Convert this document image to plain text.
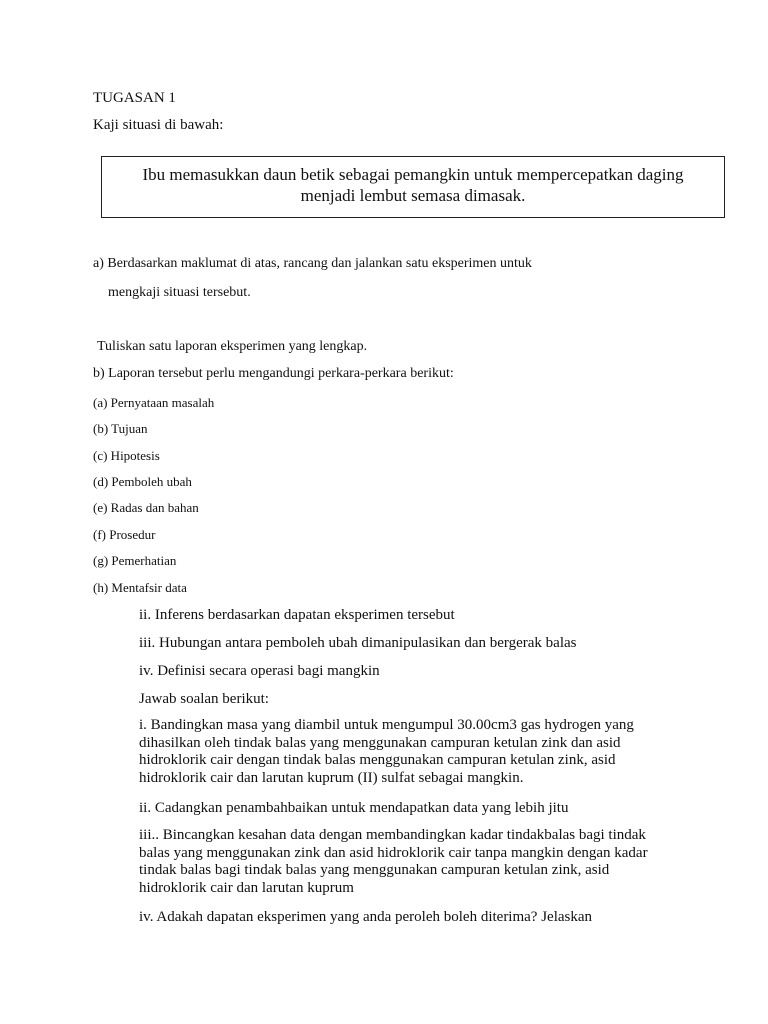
TUGASAN 1
Kaji situasi di bawah:
Ibu memasukkan daun betik sebagai pemangkin untuk mempercepatkan daging
menjadi lembut semasa dimasak.
a) Berdasarkan maklumat di atas, rancang dan jalankan satu eksperimen untuk
mengkaji situasi tersebut.
Tuliskan satu laporan eksperimen yang lengkap.
b) Laporan tersebut perlu mengandungi perkara-perkara berikut:
(a) Pernyataan masalah
(b) Tujuan
(c) Hipotesis
(d) Pemboleh ubah
(e) Radas dan bahan
(f) Prosedur
(g) Pemerhatian
(h) Mentafsir data
ii. Inferens berdasarkan dapatan eksperimen tersebut
iii. Hubungan antara pemboleh ubah dimanipulasikan dan bergerak balas
iv. Definisi secara operasi bagi mangkin
Jawab soalan berikut:
i. Bandingkan masa yang diambil untuk mengumpul 30.00cm3 gas hydrogen yang
dihasilkan oleh tindak balas yang menggunakan campuran ketulan zink dan asid
hidroklorik cair dengan tindak balas menggunakan campuran ketulan zink, asid
hidroklorik cair dan larutan kuprum (II) sulfat sebagai mangkin.
ii. Cadangkan penambahbaikan untuk mendapatkan data yang lebih jitu
iii.. Bincangkan kesahan data dengan membandingkan kadar tindakbalas bagi tindak
balas yang menggunakan zink dan asid hidroklorik cair tanpa mangkin dengan kadar
tindak balas bagi tindak balas yang menggunakan campuran ketulan zink, asid
hidroklorik cair dan larutan kuprum
iv. Adakah dapatan eksperimen yang anda peroleh boleh diterima? Jelaskan
